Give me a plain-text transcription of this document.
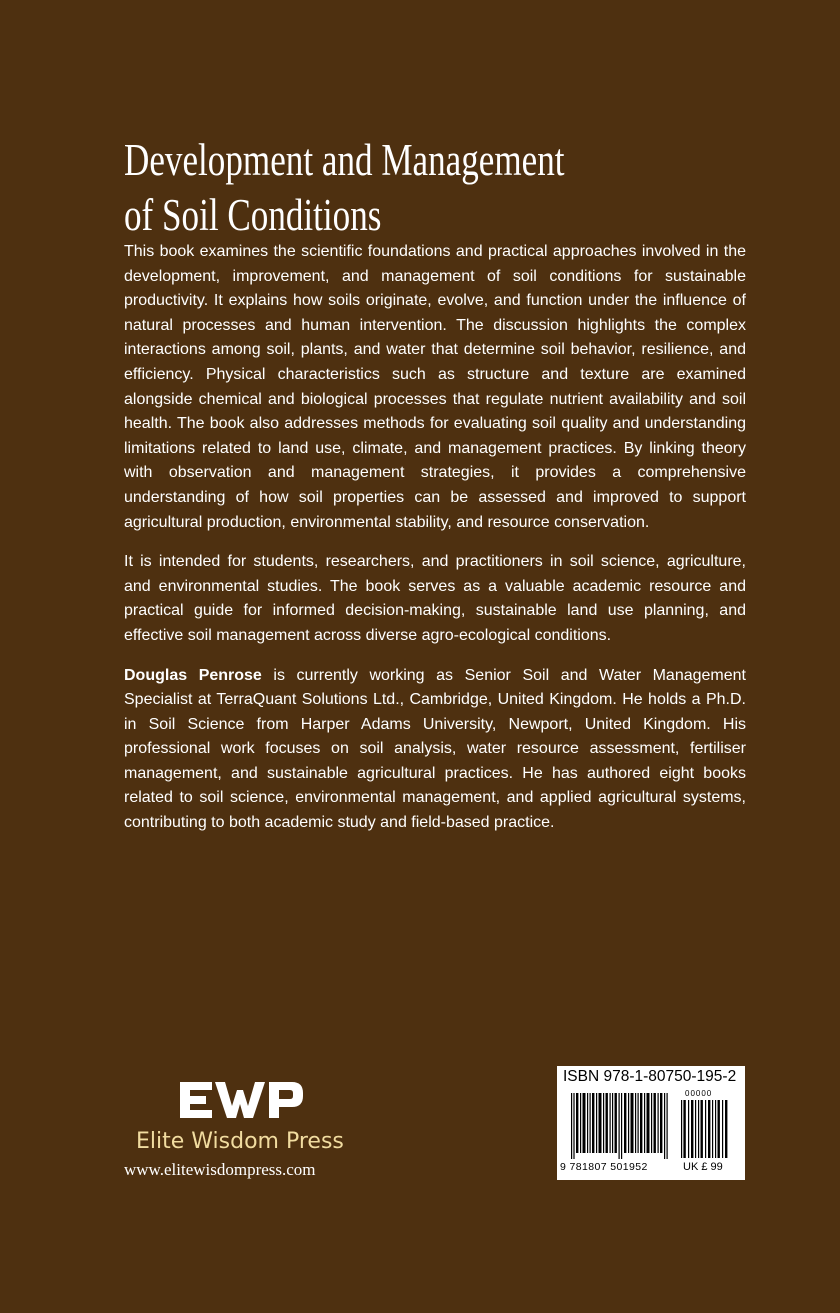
Development and Management
of Soil Conditions

This book examines the scientific foundations and practical approaches involved in the development, improvement, and management of soil conditions for sustainable productivity. It explains how soils originate, evolve, and function under the influence of natural processes and human intervention. The discussion highlights the complex interactions among soil, plants, and water that determine soil behavior, resilience, and efficiency. Physical characteristics such as structure and texture are examined alongside chemical and biological processes that regulate nutrient availability and soil health. The book also addresses methods for evaluating soil quality and understanding limitations related to land use, climate, and management practices. By linking theory with observation and management strategies, it provides a comprehensive understanding of how soil properties can be assessed and improved to support agricultural production, environmental stability, and resource conservation.

It is intended for students, researchers, and practitioners in soil science, agriculture, and environmental studies. The book serves as a valuable academic resource and practical guide for informed decision-making, sustainable land use planning, and effective soil management across diverse agro-ecological conditions.

Douglas Penrose is currently working as Senior Soil and Water Management Specialist at TerraQuant Solutions Ltd., Cambridge, United Kingdom. He holds a Ph.D. in Soil Science from Harper Adams University, Newport, United Kingdom. His professional work focuses on soil analysis, water resource assessment, fertiliser management, and sustainable agricultural practices. He has authored eight books related to soil science, environmental management, and applied agricultural systems, contributing to both academic study and field-based practice.

Elite Wisdom Press
www.elitewisdompress.com
ISBN 978-1-80750-195-2
00000
9 781807 501952	UK £ 99
